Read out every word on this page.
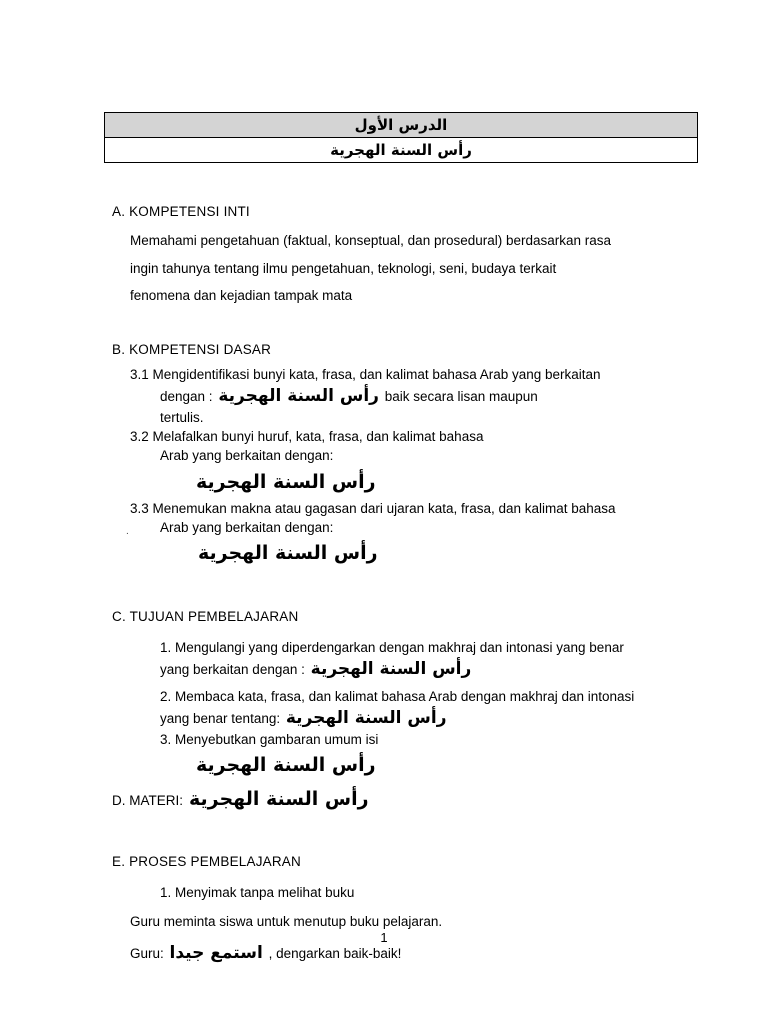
الدرس الأول
رأس السنة الهجرية
A. KOMPETENSI INTI
Memahami pengetahuan (faktual, konseptual, dan prosedural) berdasarkan rasa
ingin tahunya tentang ilmu pengetahuan, teknologi, seni, budaya terkait
fenomena dan kejadian tampak mata
B. KOMPETENSI DASAR
3.1 Mengidentifikasi bunyi kata, frasa, dan kalimat bahasa Arab yang berkaitan
dengan : رأس السنة الهجرية baik secara lisan maupun
tertulis.
3.2 Melafalkan bunyi huruf, kata, frasa, dan kalimat bahasa
Arab yang berkaitan dengan:
رأس السنة الهجرية
3.3 Menemukan makna atau gagasan dari ujaran kata, frasa, dan kalimat bahasa
Arab yang berkaitan dengan:
رأس السنة الهجرية
C. TUJUAN PEMBELAJARAN
1. Mengulangi yang diperdengarkan dengan makhraj dan intonasi yang benar
yang berkaitan dengan : رأس السنة الهجرية
2. Membaca kata, frasa, dan kalimat bahasa Arab dengan makhraj dan intonasi
yang benar tentang: رأس السنة الهجرية
3. Menyebutkan gambaran umum isi
رأس السنة الهجرية
D. MATERI: رأس السنة الهجرية
E. PROSES PEMBELAJARAN
1. Menyimak tanpa melihat buku
Guru meminta siswa untuk menutup buku pelajaran.
Guru: استمع جيدا , dengarkan baik-baik!
.
1
